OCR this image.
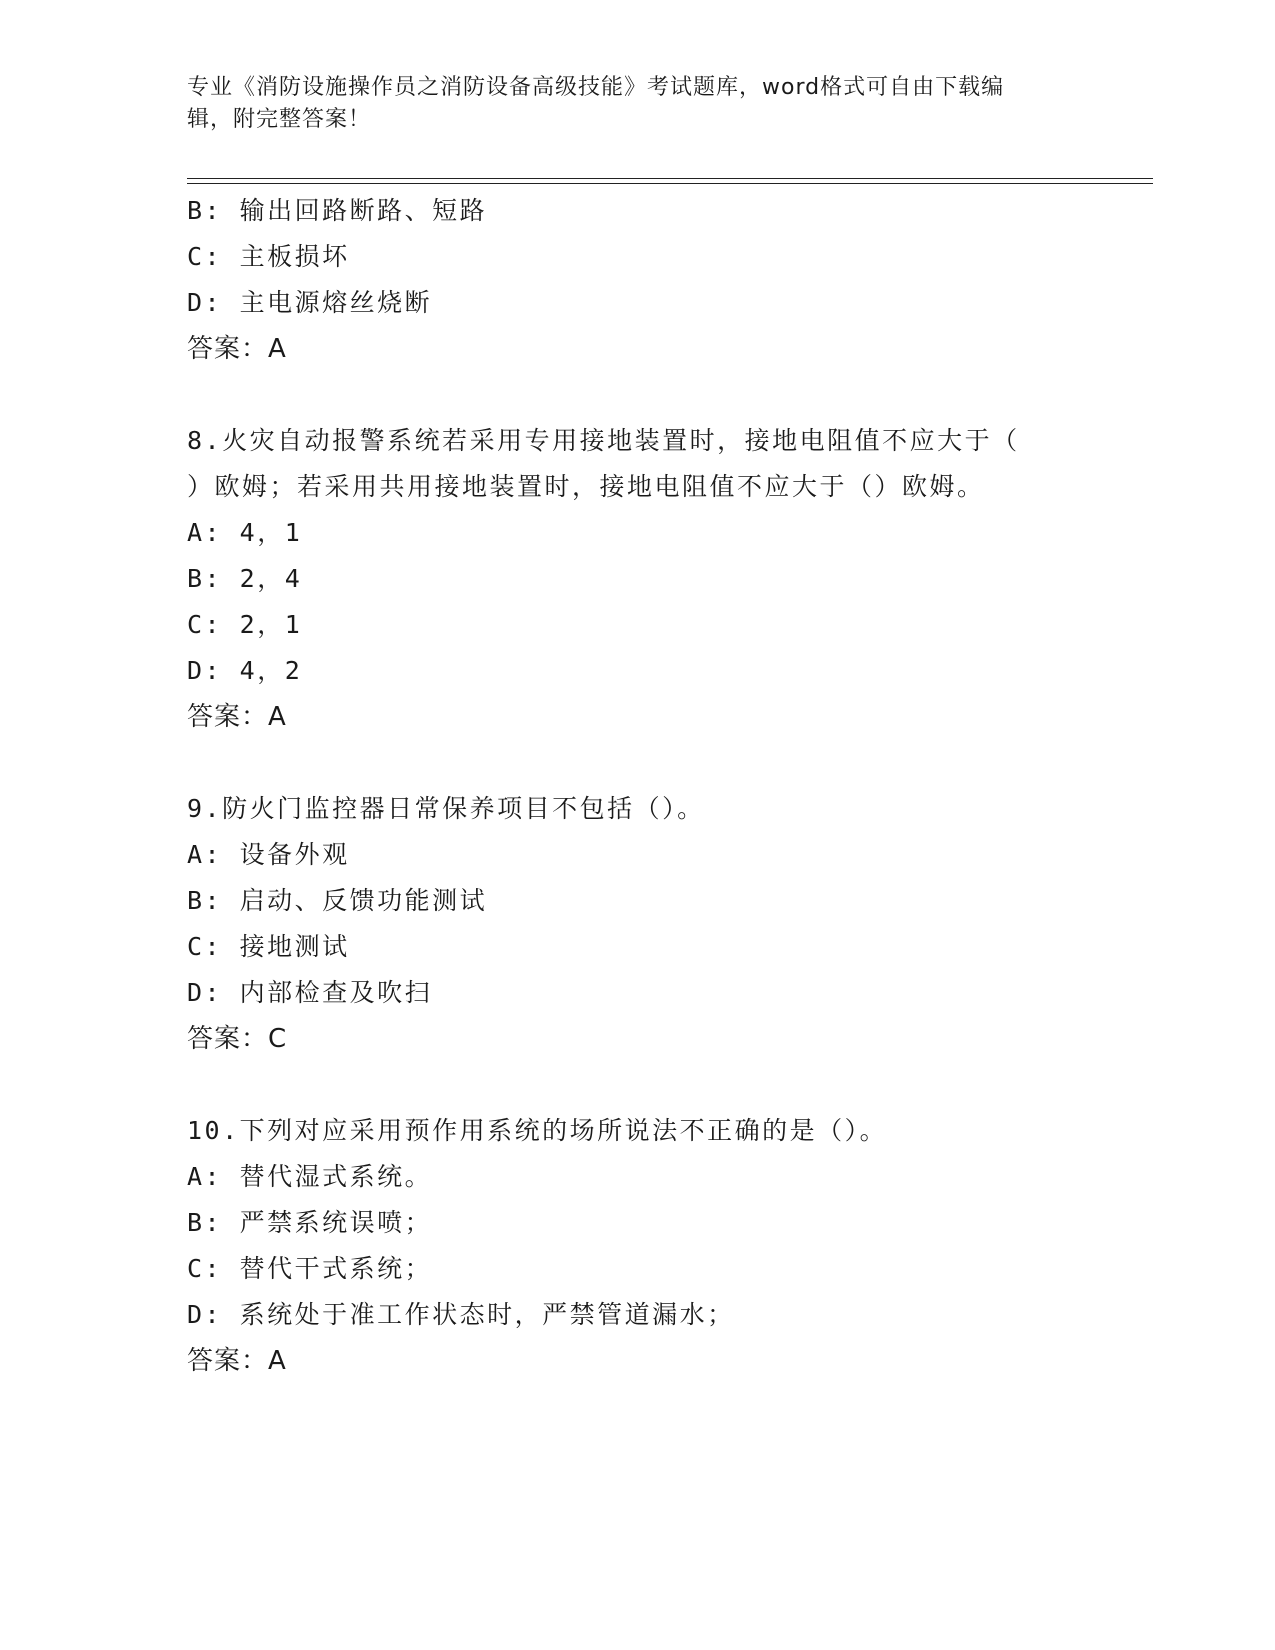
专业《消防设施操作员之消防设备高级技能》考试题库，word格式可自由下载编
辑，附完整答案！
B: 输出回路断路、短路
C: 主板损坏
D: 主电源熔丝烧断
答案：A
8.火灾自动报警系统若采用专用接地装置时，接地电阻值不应大于（
）欧姆；若采用共用接地装置时，接地电阻值不应大于（）欧姆。
A: 4，1
B: 2，4
C: 2，1
D: 4，2
答案：A
9.防火门监控器日常保养项目不包括（）。
A: 设备外观
B: 启动、反馈功能测试
C: 接地测试
D: 内部检查及吹扫
答案：C
10.下列对应采用预作用系统的场所说法不正确的是（）。
A: 替代湿式系统。
B: 严禁系统误喷；
C: 替代干式系统；
D: 系统处于准工作状态时，严禁管道漏水；
答案：A
